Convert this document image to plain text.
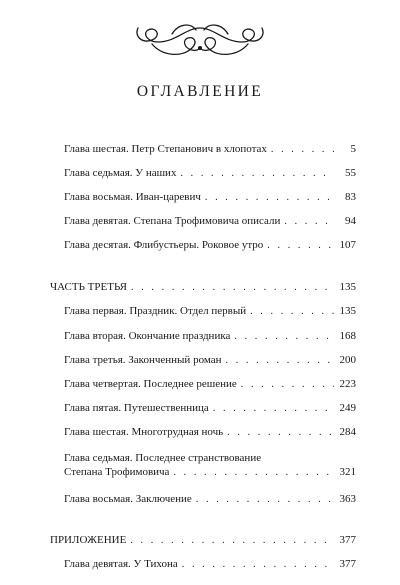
ОГЛАВЛЕНИЕ
Глава шестая. Петр Степанович в хлопотах . . .	5
Глава седьмая. У наших . . .	55
Глава восьмая. Иван-царевич . . .	83
Глава девятая. Степана Трофимовича описали . . .	94
Глава десятая. Флибустьеры. Роковое утро . . .	107
ЧАСТЬ ТРЕТЬЯ . . .	135
Глава первая. Праздник. Отдел первый . . .	135
Глава вторая. Окончание праздника . . .	168
Глава третья. Законченный роман . . .	200
Глава четвертая. Последнее решение . . .	223
Глава пятая. Путешественница . . .	249
Глава шестая. Многотрудная ночь . . .	284
Глава седьмая. Последнее странствование
Степана Трофимовича . . .	321
Глава восьмая. Заключение . . .	363
ПРИЛОЖЕНИЕ . . .	377
Глава девятая. У Тихона . . .	377
